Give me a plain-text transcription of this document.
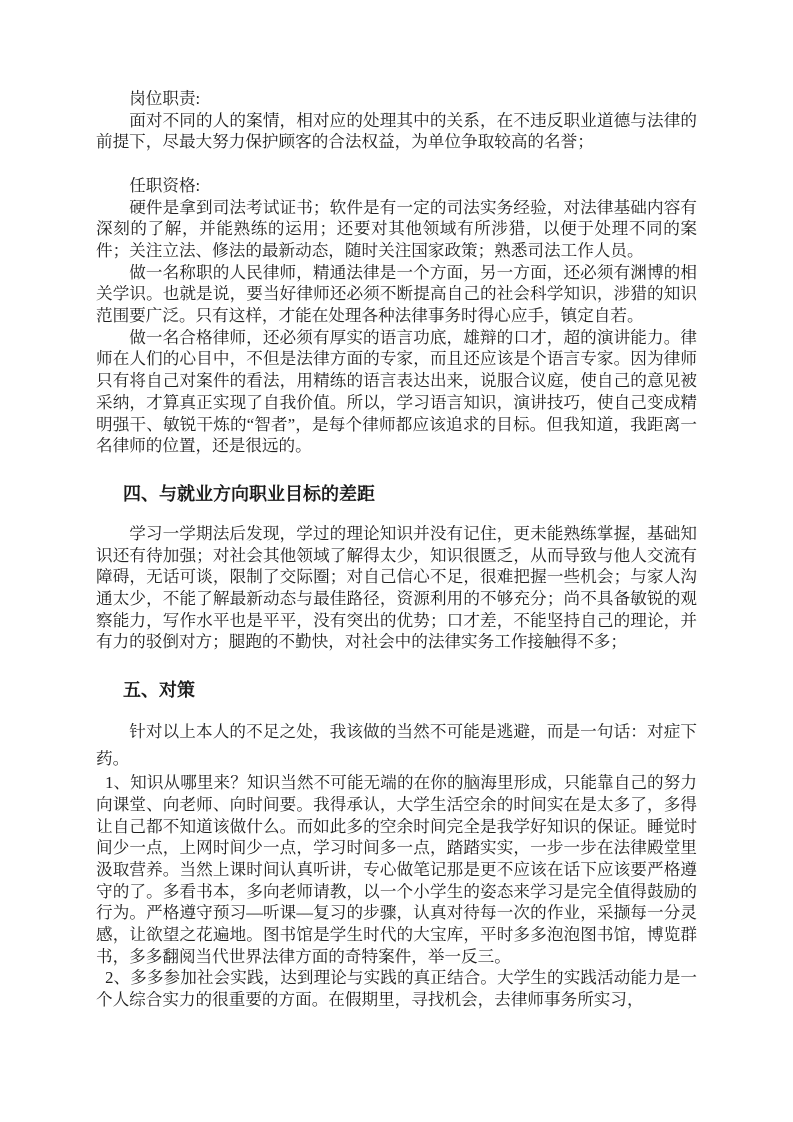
岗位职责:

面对不同的人的案情，相对应的处理其中的关系，在不违反职业道德与法律的前提下，尽最大努力保护顾客的合法权益，为单位争取较高的名誉；

任职资格:

硬件是拿到司法考试证书；软件是有一定的司法实务经验，对法律基础内容有深刻的了解，并能熟练的运用；还要对其他领域有所涉猎，以便于处理不同的案件；关注立法、修法的最新动态，随时关注国家政策；熟悉司法工作人员。

做一名称职的人民律师，精通法律是一个方面，另一方面，还必须有渊博的相关学识。也就是说，要当好律师还必须不断提高自己的社会科学知识，涉猎的知识范围要广泛。只有这样，才能在处理各种法律事务时得心应手，镇定自若。

做一名合格律师，还必须有厚实的语言功底，雄辩的口才，超的演讲能力。律师在人们的心目中，不但是法律方面的专家，而且还应该是个语言专家。因为律师只有将自己对案件的看法，用精练的语言表达出来，说服合议庭，使自己的意见被采纳，才算真正实现了自我价值。所以，学习语言知识，演讲技巧，使自己变成精明强干、敏锐干炼的“智者”，是每个律师都应该追求的目标。但我知道，我距离一名律师的位置，还是很远的。

四、与就业方向职业目标的差距

学习一学期法后发现，学过的理论知识并没有记住，更未能熟练掌握，基础知识还有待加强；对社会其他领域了解得太少，知识很匮乏，从而导致与他人交流有障碍，无话可谈，限制了交际圈；对自己信心不足，很难把握一些机会；与家人沟通太少，不能了解最新动态与最佳路径，资源利用的不够充分；尚不具备敏锐的观察能力，写作水平也是平平，没有突出的优势；口才差，不能坚持自己的理论，并有力的驳倒对方；腿跑的不勤快，对社会中的法律实务工作接触得不多；

五、对策

针对以上本人的不足之处，我该做的当然不可能是逃避，而是一句话：对症下药。

1、知识从哪里来？知识当然不可能无端的在你的脑海里形成，只能靠自己的努力向课堂、向老师、向时间要。我得承认，大学生活空余的时间实在是太多了，多得让自己都不知道该做什么。而如此多的空余时间完全是我学好知识的保证。睡觉时间少一点，上网时间少一点，学习时间多一点，踏踏实实，一步一步在法律殿堂里汲取营养。当然上课时间认真听讲，专心做笔记那是更不应该在话下应该要严格遵守的了。多看书本，多向老师请教，以一个小学生的姿态来学习是完全值得鼓励的行为。严格遵守预习—听课—复习的步骤，认真对待每一次的作业，采撷每一分灵感，让欲望之花遍地。图书馆是学生时代的大宝库，平时多多泡泡图书馆，博览群书，多多翻阅当代世界法律方面的奇特案件，举一反三。

2、多多参加社会实践，达到理论与实践的真正结合。大学生的实践活动能力是一个人综合实力的很重要的方面。在假期里，寻找机会，去律师事务所实习，
